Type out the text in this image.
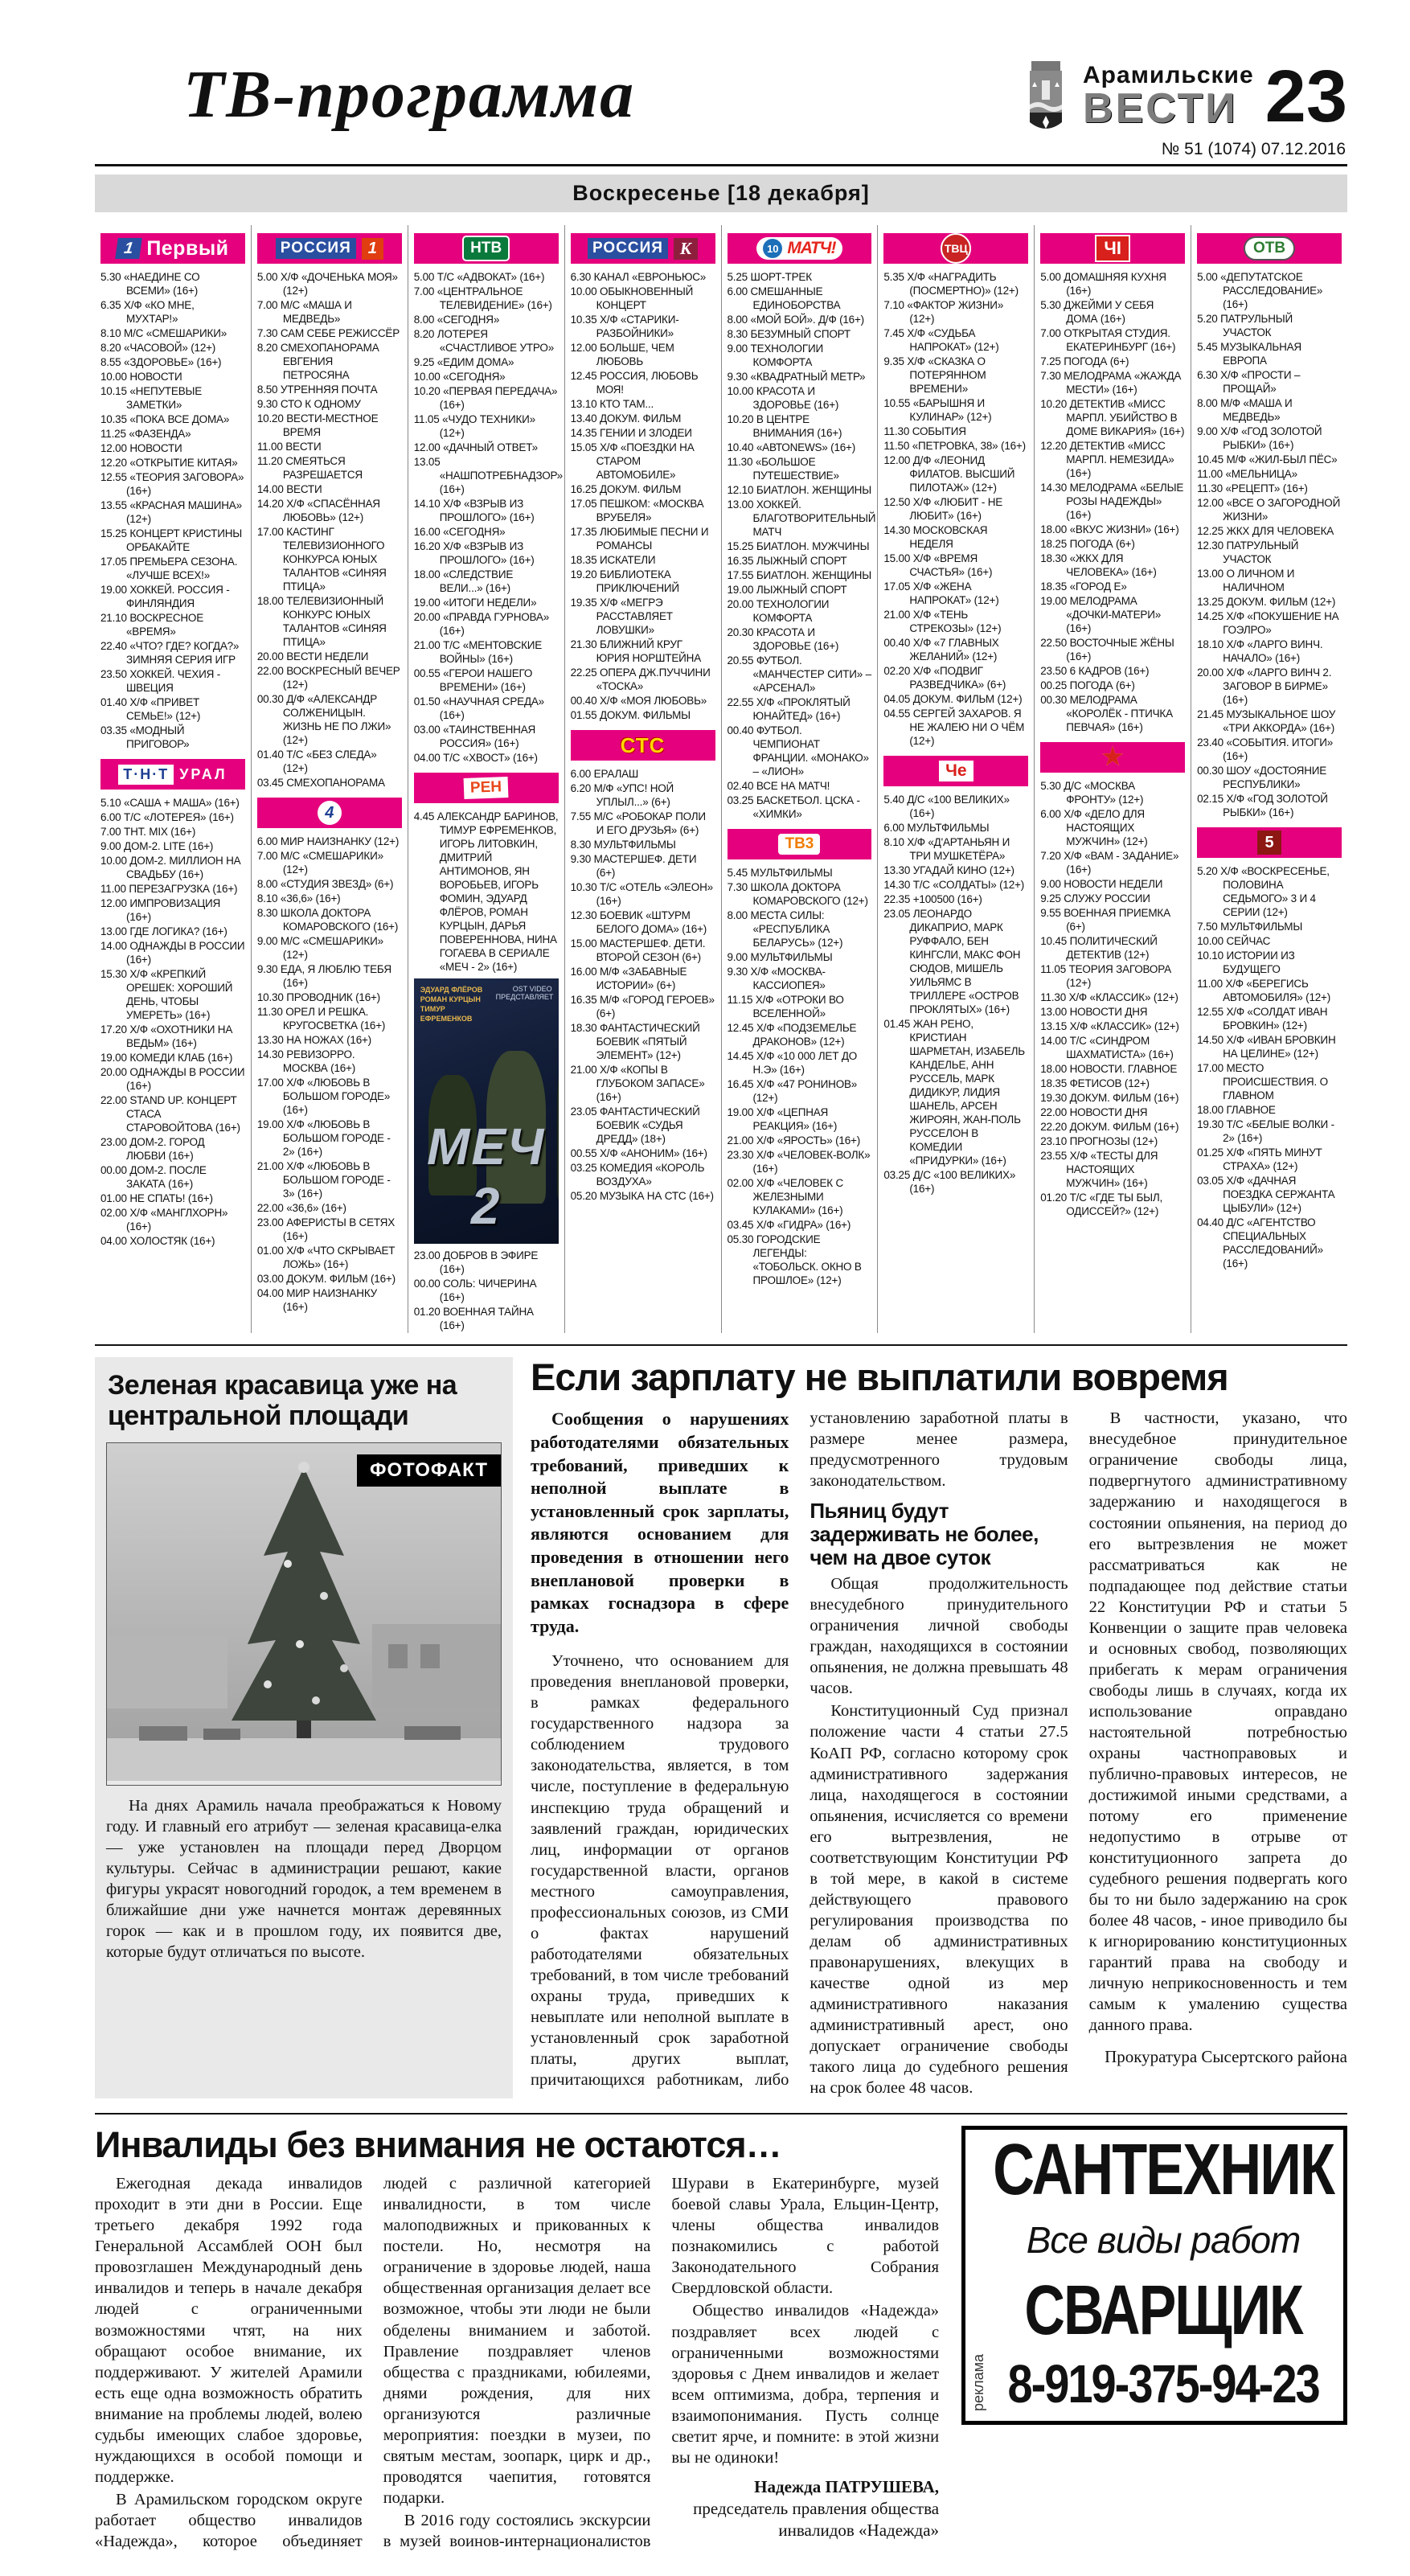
ТВ-программа	Арамильские
ВЕСТИ 23
№ 51 (1074) 07.12.2016
Воскресенье [18 декабря]
1 Первый
5.30 «НАЕДИНЕ СО ВСЕМИ» (16+)
6.35 Х/Ф «КО МНЕ, МУХТАР!»
8.10 М/С «СМЕШАРИКИ»
8.20 «ЧАСОВОЙ» (12+)
8.55 «ЗДОРОВЬЕ» (16+)
10.00 НОВОСТИ
10.15 «НЕПУТЕВЫЕ ЗАМЕТКИ»
10.35 «ПОКА ВСЕ ДОМА»
11.25 «ФАЗЕНДА»
12.00 НОВОСТИ
12.20 «ОТКРЫТИЕ КИТАЯ»
12.55 «ТЕОРИЯ ЗАГОВОРА» (16+)
13.55 «КРАСНАЯ МАШИНА» (12+)
15.25 КОНЦЕРТ КРИСТИНЫ ОРБАКАЙТЕ
17.05 ПРЕМЬЕРА СЕЗОНА. «ЛУЧШЕ ВСЕХ!»
19.00 ХОККЕЙ. РОССИЯ - ФИНЛЯНДИЯ
21.10 ВОСКРЕСНОЕ «ВРЕМЯ»
22.40 «ЧТО? ГДЕ? КОГДА?» ЗИМНЯЯ СЕРИЯ ИГР
23.50 ХОККЕЙ. ЧЕХИЯ - ШВЕЦИЯ
01.40 Х/Ф «ПРИВЕТ СЕМЬЕ!» (12+)
03.35 «МОДНЫЙ ПРИГОВОР»
Т·Н·Т УРАЛ
5.10 «САША + МАША» (16+)
6.00 Т/С «ЛОТЕРЕЯ» (16+)
7.00 ТНТ. MIX (16+)
9.00 ДОМ-2. LITE (16+)
10.00 ДОМ-2. МИЛЛИОН НА СВАДЬБУ (16+)
11.00 ПЕРЕЗАГРУЗКА (16+)
12.00 ИМПРОВИЗАЦИЯ (16+)
13.00 ГДЕ ЛОГИКА? (16+)
14.00 ОДНАЖДЫ В РОССИИ (16+)
15.30 Х/Ф «КРЕПКИЙ ОРЕШЕК: ХОРОШИЙ ДЕНЬ, ЧТОБЫ УМЕРЕТЬ» (16+)
17.20 Х/Ф «ОХОТНИКИ НА ВЕДЬМ» (16+)
19.00 КОМЕДИ КЛАБ (16+)
20.00 ОДНАЖДЫ В РОССИИ (16+)
22.00 STAND UP. КОНЦЕРТ СТАСА СТАРОВОЙТОВА (16+)
23.00 ДОМ-2. ГОРОД ЛЮБВИ (16+)
00.00 ДОМ-2. ПОСЛЕ ЗАКАТА (16+)
01.00 НЕ СПАТЬ! (16+)
02.00 Х/Ф «МАНГЛХОРН» (16+)
04.00 ХОЛОСТЯК (16+)
РОССИЯ	1
5.00 Х/Ф «ДОЧЕНЬКА МОЯ» (12+)
7.00 М/С «МАША И МЕДВЕДЬ»
7.30 САМ СЕБЕ РЕЖИССЁР
8.20 СМЕХОПАНОРАМА ЕВГЕНИЯ ПЕТРОСЯНА
8.50 УТРЕННЯЯ ПОЧТА
9.30 СТО К ОДНОМУ
10.20 ВЕСТИ-МЕСТНОЕ ВРЕМЯ
11.00 ВЕСТИ
11.20 СМЕЯТЬСЯ РАЗРЕШАЕТСЯ
14.00 ВЕСТИ
14.20 Х/Ф «СПАСЁННАЯ ЛЮБОВЬ» (12+)
17.00 КАСТИНГ ТЕЛЕВИЗИОННОГО КОНКУРСА ЮНЫХ ТАЛАНТОВ «СИНЯЯ ПТИЦА»
18.00 ТЕЛЕВИЗИОННЫЙ КОНКУРС ЮНЫХ ТАЛАНТОВ «СИНЯЯ ПТИЦА»
20.00 ВЕСТИ НЕДЕЛИ
22.00 ВОСКРЕСНЫЙ ВЕЧЕР (12+)
00.30 Д/Ф «АЛЕКСАНДР СОЛЖЕНИЦЫН. ЖИЗНЬ НЕ ПО ЛЖИ» (12+)
01.40 Т/С «БЕЗ СЛЕДА» (12+)
03.45 СМЕХОПАНОРАМА
4
6.00 МИР НАИЗНАНКУ (12+)
7.00 М/С «СМЕШАРИКИ» (12+)
8.00 «СТУДИЯ ЗВЕЗД» (6+)
8.10 «36,6» (16+)
8.30 ШКОЛА ДОКТОРА КОМАРОВСКОГО (16+)
9.00 М/С «СМЕШАРИКИ» (12+)
9.30 ЕДА, Я ЛЮБЛЮ ТЕБЯ (16+)
10.30 ПРОВОДНИК (16+)
11.30 ОРЕЛ И РЕШКА. КРУГОСВЕТКА (16+)
13.30 НА НОЖАХ (16+)
14.30 РЕВИЗОРРО. МОСКВА (16+)
17.00 Х/Ф «ЛЮБОВЬ В БОЛЬШОМ ГОРОДЕ» (16+)
19.00 Х/Ф «ЛЮБОВЬ В БОЛЬШОМ ГОРОДЕ - 2» (16+)
21.00 Х/Ф «ЛЮБОВЬ В БОЛЬШОМ ГОРОДЕ - 3» (16+)
22.00 «36,6» (16+)
23.00 АФЕРИСТЫ В СЕТЯХ (16+)
01.00 Х/Ф «ЧТО СКРЫВАЕТ ЛОЖЬ» (16+)
03.00 ДОКУМ. ФИЛЬМ (16+)
04.00 МИР НАИЗНАНКУ (16+)
НТВ
5.00 Т/С «АДВОКАТ» (16+)
7.00 «ЦЕНТРАЛЬНОЕ ТЕЛЕВИДЕНИЕ» (16+)
8.00 «СЕГОДНЯ»
8.20 ЛОТЕРЕЯ «СЧАСТЛИВОЕ УТРО»
9.25 «ЕДИМ ДОМА»
10.00 «СЕГОДНЯ»
10.20 «ПЕРВАЯ ПЕРЕДАЧА» (16+)
11.05 «ЧУДО ТЕХНИКИ» (12+)
12.00 «ДАЧНЫЙ ОТВЕТ»
13.05 «НАШПОТРЕБНАДЗОР» (16+)
14.10 Х/Ф «ВЗРЫВ ИЗ ПРОШЛОГО» (16+)
16.00 «СЕГОДНЯ»
16.20 Х/Ф «ВЗРЫВ ИЗ ПРОШЛОГО» (16+)
18.00 «СЛЕДСТВИЕ ВЕЛИ...» (16+)
19.00 «ИТОГИ НЕДЕЛИ»
20.00 «ПРАВДА ГУРНОВА» (16+)
21.00 Т/С «МЕНТОВСКИЕ ВОЙНЫ» (16+)
00.55 «ГЕРОИ НАШЕГО ВРЕМЕНИ» (16+)
01.50 «НАУЧНАЯ СРЕДА» (16+)
03.00 «ТАИНСТВЕННАЯ РОССИЯ» (16+)
04.00 Т/С «ХВОСТ» (16+)
РЕН
4.45 АЛЕКСАНДР БАРИНОВ, ТИМУР ЕФРЕМЕНКОВ, ИГОРЬ ЛИТОВКИН, ДМИТРИЙ АНТИМОНОВ, ЯН ВОРОБЬЕВ, ИГОРЬ ФОМИН, ЭДУАРД ФЛЁРОВ, РОМАН КУРЦЫН, ДАРЬЯ ПОВЕРЕННОВА, НИНА ГОГАЕВА В СЕРИАЛЕ «МЕЧ - 2» (16+)
ЭДУАРД ФЛЁРОВ РОМАН КУРЦЫН ТИМУР ЕФРЕМЕНКОВ
OST VIDEO ПРЕДСТАВЛЯЕТ
МЕЧ 2
23.00 ДОБРОВ В ЭФИРЕ (16+)
00.00 СОЛЬ: ЧИЧЕРИНА (16+)
01.20 ВОЕННАЯ ТАЙНА (16+)
РОССИЯ	К
6.30 КАНАЛ «ЕВРОНЬЮС»
10.00 ОБЫКНОВЕННЫЙ КОНЦЕРТ
10.35 Х/Ф «СТАРИКИ-РАЗБОЙНИКИ»
12.00 БОЛЬШЕ, ЧЕМ ЛЮБОВЬ
12.45 РОССИЯ, ЛЮБОВЬ МОЯ!
13.10 КТО ТАМ...
13.40 ДОКУМ. ФИЛЬМ
14.35 ГЕНИИ И ЗЛОДЕИ
15.05 Х/Ф «ПОЕЗДКИ НА СТАРОМ АВТОМОБИЛЕ»
16.25 ДОКУМ. ФИЛЬМ
17.05 ПЕШКОМ: «МОСКВА ВРУБЕЛЯ»
17.35 ЛЮБИМЫЕ ПЕСНИ И РОМАНСЫ
18.35 ИСКАТЕЛИ
19.20 БИБЛИОТЕКА ПРИКЛЮЧЕНИЙ
19.35 Х/Ф «МЕГРЭ РАССТАВЛЯЕТ ЛОВУШКИ»
21.30 БЛИЖНИЙ КРУГ ЮРИЯ НОРШТЕЙНА
22.25 ОПЕРА ДЖ.ПУЧЧИНИ «ТОСКА»
00.40 Х/Ф «МОЯ ЛЮБОВЬ»
01.55 ДОКУМ. ФИЛЬМЫ
СТС
6.00 ЕРАЛАШ
6.20 М/Ф «УПС! НОЙ УПЛЫЛ...» (6+)
7.55 М/С «РОБОКАР ПОЛИ И ЕГО ДРУЗЬЯ» (6+)
8.30 МУЛЬТФИЛЬМЫ
9.30 МАСТЕРШЕФ. ДЕТИ (6+)
10.30 Т/С «ОТЕЛЬ «ЭЛЕОН» (16+)
12.30 БОЕВИК «ШТУРМ БЕЛОГО ДОМА» (16+)
15.00 МАСТЕРШЕФ. ДЕТИ. ВТОРОЙ СЕЗОН (6+)
16.00 М/Ф «ЗАБАВНЫЕ ИСТОРИИ» (6+)
16.35 М/Ф «ГОРОД ГЕРОЕВ» (6+)
18.30 ФАНТАСТИЧЕСКИЙ БОЕВИК «ПЯТЫЙ ЭЛЕМЕНТ» (12+)
21.00 Х/Ф «КОПЫ В ГЛУБОКОМ ЗАПАСЕ» (16+)
23.05 ФАНТАСТИЧЕСКИЙ БОЕВИК «СУДЬЯ ДРЕДД» (18+)
00.55 Х/Ф «АНОНИМ» (16+)
03.25 КОМЕДИЯ «КОРОЛЬ ВОЗДУХА»
05.20 МУЗЫКА НА СТС (16+)
10 МАТЧ!
5.25 ШОРТ-ТРЕК
6.00 СМЕШАННЫЕ ЕДИНОБОРСТВА
8.00 «МОЙ БОЙ». Д/Ф (16+)
8.30 БЕЗУМНЫЙ СПОРТ
9.00 ТЕХНОЛОГИИ КОМФОРТА
9.30 «КВАДРАТНЫЙ МЕТР»
10.00 КРАСОТА И ЗДОРОВЬЕ (16+)
10.20 В ЦЕНТРЕ ВНИМАНИЯ (16+)
10.40 «АВТОNEWS» (16+)
11.30 «БОЛЬШОЕ ПУТЕШЕСТВИЕ»
12.10 БИАТЛОН. ЖЕНЩИНЫ
13.00 ХОККЕЙ. БЛАГОТВОРИТЕЛЬНЫЙ МАТЧ
15.25 БИАТЛОН. МУЖЧИНЫ
16.35 ЛЫЖНЫЙ СПОРТ
17.55 БИАТЛОН. ЖЕНЩИНЫ
19.00 ЛЫЖНЫЙ СПОРТ
20.00 ТЕХНОЛОГИИ КОМФОРТА
20.30 КРАСОТА И ЗДОРОВЬЕ (16+)
20.55 ФУТБОЛ. «МАНЧЕСТЕР СИТИ» – «АРСЕНАЛ»
22.55 Х/Ф «ПРОКЛЯТЫЙ ЮНАЙТЕД» (16+)
00.40 ФУТБОЛ. ЧЕМПИОНАТ ФРАНЦИИ. «МОНАКО» – «ЛИОН»
02.40 ВСЕ НА МАТЧ!
03.25 БАСКЕТБОЛ. ЦСКА - «ХИМКИ»
ТВ3
5.45 МУЛЬТФИЛЬМЫ
7.30 ШКОЛА ДОКТОРА КОМАРОВСКОГО (12+)
8.00 МЕСТА СИЛЫ: «РЕСПУБЛИКА БЕЛАРУСЬ» (12+)
9.00 МУЛЬТФИЛЬМЫ
9.30 Х/Ф «МОСКВА-КАССИОПЕЯ»
11.15 Х/Ф «ОТРОКИ ВО ВСЕЛЕННОЙ»
12.45 Х/Ф «ПОДЗЕМЕЛЬЕ ДРАКОНОВ» (12+)
14.45 Х/Ф «10 000 ЛЕТ ДО Н.Э» (16+)
16.45 Х/Ф «47 РОНИНОВ» (12+)
19.00 Х/Ф «ЦЕПНАЯ РЕАКЦИЯ» (16+)
21.00 Х/Ф «ЯРОСТЬ» (16+)
23.30 Х/Ф «ЧЕЛОВЕК-ВОЛК» (16+)
02.00 Х/Ф «ЧЕЛОВЕК С ЖЕЛЕЗНЫМИ КУЛАКАМИ» (16+)
03.45 Х/Ф «ГИДРА» (16+)
05.30 ГОРОДСКИЕ ЛЕГЕНДЫ: «ТОБОЛЬСК. ОКНО В ПРОШЛОЕ» (12+)
ТВЦ
5.35 Х/Ф «НАГРАДИТЬ (ПОСМЕРТНО)» (12+)
7.10 «ФАКТОР ЖИЗНИ» (12+)
7.45 Х/Ф «СУДЬБА НАПРОКАТ» (12+)
9.35 Х/Ф «СКАЗКА О ПОТЕРЯННОМ ВРЕМЕНИ»
10.55 «БАРЫШНЯ И КУЛИНАР» (12+)
11.30 СОБЫТИЯ
11.50 «ПЕТРОВКА, 38» (16+)
12.00 Д/Ф «ЛЕОНИД ФИЛАТОВ. ВЫСШИЙ ПИЛОТАЖ» (12+)
12.50 Х/Ф «ЛЮБИТ - НЕ ЛЮБИТ» (16+)
14.30 МОСКОВСКАЯ НЕДЕЛЯ
15.00 Х/Ф «ВРЕМЯ СЧАСТЬЯ» (16+)
17.05 Х/Ф «ЖЕНА НАПРОКАТ» (12+)
21.00 Х/Ф «ТЕНЬ СТРЕКОЗЫ» (12+)
00.40 Х/Ф «7 ГЛАВНЫХ ЖЕЛАНИЙ» (12+)
02.20 Х/Ф «ПОДВИГ РАЗВЕДЧИКА» (6+)
04.05 ДОКУМ. ФИЛЬМ (12+)
04.55 СЕРГЕЙ ЗАХАРОВ. Я НЕ ЖАЛЕЮ НИ О ЧЁМ (12+)
Че
5.40 Д/С «100 ВЕЛИКИХ» (16+)
6.00 МУЛЬТФИЛЬМЫ
8.10 Х/Ф «Д'АРТАНЬЯН И ТРИ МУШКЕТЁРА»
13.30 УГАДАЙ КИНО (12+)
14.30 Т/С «СОЛДАТЫ» (12+)
22.35 +100500 (16+)
23.05 ЛЕОНАРДО ДИКАПРИО, МАРК РУФФАЛО, БЕН КИНГСЛИ, МАКС ФОН СЮДОВ, МИШЕЛЬ УИЛЬЯМС В ТРИЛЛЕРЕ «ОСТРОВ ПРОКЛЯТЫХ» (16+)
01.45 ЖАН РЕНО, КРИСТИАН ШАРМЕТАН, ИЗАБЕЛЬ КАНДЕЛЬЕ, АНН РУССЕЛЬ, МАРК ДИДИКУР, ЛИДИЯ ШАНЕЛЬ, АРСЕН ЖИРОЯН, ЖАН-ПОЛЬ РУССЕЛОН В КОМЕДИИ «ПРИДУРКИ» (16+)
03.25 Д/С «100 ВЕЛИКИХ» (16+)
ЧI
5.00 ДОМАШНЯЯ КУХНЯ (16+)
5.30 ДЖЕЙМИ У СЕБЯ ДОМА (16+)
7.00 ОТКРЫТАЯ СТУДИЯ. ЕКАТЕРИНБУРГ (16+)
7.25 ПОГОДА (6+)
7.30 МЕЛОДРАМА «ЖАЖДА МЕСТИ» (16+)
10.20 ДЕТЕКТИВ «МИСС МАРПЛ. УБИЙСТВО В ДОМЕ ВИКАРИЯ» (16+)
12.20 ДЕТЕКТИВ «МИСС МАРПЛ. НЕМЕЗИДА» (16+)
14.30 МЕЛОДРАМА «БЕЛЫЕ РОЗЫ НАДЕЖДЫ» (16+)
18.00 «ВКУС ЖИЗНИ» (16+)
18.25 ПОГОДА (6+)
18.30 «ЖКХ ДЛЯ ЧЕЛОВЕКА» (16+)
18.35 «ГОРОД Е»
19.00 МЕЛОДРАМА «ДОЧКИ-МАТЕРИ» (16+)
22.50 ВОСТОЧНЫЕ ЖЁНЫ (16+)
23.50 6 КАДРОВ (16+)
00.25 ПОГОДА (6+)
00.30 МЕЛОДРАМА «КОРОЛЁК - ПТИЧКА ПЕВЧАЯ» (16+)
★
5.30 Д/С «МОСКВА ФРОНТУ» (12+)
6.00 Х/Ф «ДЕЛО ДЛЯ НАСТОЯЩИХ МУЖЧИН» (12+)
7.20 Х/Ф «ВАМ - ЗАДАНИЕ» (16+)
9.00 НОВОСТИ НЕДЕЛИ
9.25 СЛУЖУ РОССИИ
9.55 ВОЕННАЯ ПРИЕМКА (6+)
10.45 ПОЛИТИЧЕСКИЙ ДЕТЕКТИВ (12+)
11.05 ТЕОРИЯ ЗАГОВОРА (12+)
11.30 Х/Ф «КЛАССИК» (12+)
13.00 НОВОСТИ ДНЯ
13.15 Х/Ф «КЛАССИК» (12+)
14.00 Т/С «СИНДРОМ ШАХМАТИСТА» (16+)
18.00 НОВОСТИ. ГЛАВНОЕ
18.35 ФЕТИСОВ (12+)
19.30 ДОКУМ. ФИЛЬМ (16+)
22.00 НОВОСТИ ДНЯ
22.20 ДОКУМ. ФИЛЬМ (16+)
23.10 ПРОГНОЗЫ (12+)
23.55 Х/Ф «ТЕСТЫ ДЛЯ НАСТОЯЩИХ МУЖЧИН» (16+)
01.20 Т/С «ГДЕ ТЫ БЫЛ, ОДИССЕЙ?» (12+)
ОТВ
5.00 «ДЕПУТАТСКОЕ РАССЛЕДОВАНИЕ» (16+)
5.20 ПАТРУЛЬНЫЙ УЧАСТОК
5.45 МУЗЫКАЛЬНАЯ ЕВРОПА
6.30 Х/Ф «ПРОСТИ – ПРОЩАЙ»
8.00 М/Ф «МАША И МЕДВЕДЬ»
9.00 Х/Ф «ГОД ЗОЛОТОЙ РЫБКИ» (16+)
10.45 М/Ф «ЖИЛ-БЫЛ ПЁС»
11.00 «МЕЛЬНИЦА»
11.30 «РЕЦЕПТ» (16+)
12.00 «ВСЕ О ЗАГОРОДНОЙ ЖИЗНИ»
12.25 ЖКХ ДЛЯ ЧЕЛОВЕКА
12.30 ПАТРУЛЬНЫЙ УЧАСТОК
13.00 О ЛИЧНОМ И НАЛИЧНОМ
13.25 ДОКУМ. ФИЛЬМ (12+)
14.25 Х/Ф «ПОКУШЕНИЕ НА ГОЭЛРО»
18.10 Х/Ф «ЛАРГО ВИНЧ. НАЧАЛО» (16+)
20.00 Х/Ф «ЛАРГО ВИНЧ 2. ЗАГОВОР В БИРМЕ» (16+)
21.45 МУЗЫКАЛЬНОЕ ШОУ «ТРИ АККОРДА» (16+)
23.40 «СОБЫТИЯ. ИТОГИ» (16+)
00.30 ШОУ «ДОСТОЯНИЕ РЕСПУБЛИКИ»
02.15 Х/Ф «ГОД ЗОЛОТОЙ РЫБКИ» (16+)
5
5.20 Х/Ф «ВОСКРЕСЕНЬЕ, ПОЛОВИНА СЕДЬМОГО» 3 И 4 СЕРИИ (12+)
7.50 МУЛЬТФИЛЬМЫ
10.00 СЕЙЧАС
10.10 ИСТОРИИ ИЗ БУДУЩЕГО
11.00 Х/Ф «БЕРЕГИСЬ АВТОМОБИЛЯ» (12+)
12.55 Х/Ф «СОЛДАТ ИВАН БРОВКИН» (12+)
14.50 Х/Ф «ИВАН БРОВКИН НА ЦЕЛИНЕ» (12+)
17.00 МЕСТО ПРОИСШЕСТВИЯ. О ГЛАВНОМ
18.00 ГЛАВНОЕ
19.30 Т/С «БЕЛЫЕ ВОЛКИ - 2» (16+)
01.25 Х/Ф «ПЯТЬ МИНУТ СТРАХА» (12+)
03.05 Х/Ф «ДАЧНАЯ ПОЕЗДКА СЕРЖАНТА ЦЫБУЛИ» (12+)
04.40 Д/С «АГЕНТСТВО СПЕЦИАЛЬНЫХ РАССЛЕДОВАНИЙ» (16+)
Зеленая красавица уже на центральной площади
ФОТОФАКТ

На днях Арамиль начала преображаться к Новому году. И главный его атрибут — зеленая красавица-елка — уже установлен на площади перед Дворцом культуры. Сейчас в администрации решают, какие фигуры украсят новогодний городок, а тем временем в ближайшие дни уже начнется монтаж деревянных горок — как и в прошлом году, их появится две, которые будут отличаться по высоте.

Если зарплату не выплатили вовремя

Сообщения о нарушениях работодателями обязательных требований, приведших к неполной выплате в установленный срок зарплаты, являются основанием для проведения в отношении него внеплановой проверки в рамках госнадзора в сфере труда.

Уточнено, что основанием для проведения внеплановой проверки, в рамках федерального государственного надзора за соблюдением трудового законодательства, является, в том числе, поступление в федеральную инспекцию труда обращений и заявлений граждан, юридических лиц, информации от органов государственной власти, органов местного самоуправления, профессиональных союзов, из СМИ о фактах нарушений работодателями обязательных требований, в том числе требований охраны труда, приведших к невыплате или неполной выплате в установленный срок заработной платы, других выплат, причитающихся работникам, либо установлению заработной платы в размере менее размера, предусмотренного трудовым законодательством.

Пьяниц будут задерживать не более, чем на двое суток

Общая продолжительность внесудебного принудительного ограничения личной свободы граждан, находящихся в состоянии опьянения, не должна превышать 48 часов.

Конституционный Суд признал положение части 4 статьи 27.5 КоАП РФ, согласно которому срок административного задержания лица, находящегося в состоянии опьянения, исчисляется со времени его вытрезвления, не соответствующим Конституции РФ в той мере, в какой в системе действующего правового регулирования производства по делам об административных правонарушениях, влекущих в качестве одной из мер административного наказания административный арест, оно допускает ограничение свободы такого лица до судебного решения на срок более 48 часов.

В частности, указано, что внесудебное принудительное ограничение свободы лица, подвергнутого административному задержанию и находящегося в состоянии опьянения, на период до его вытрезвления не может рассматриваться как не подпадающее под действие статьи 22 Конституции РФ и статьи 5 Конвенции о защите прав человека и основных свобод, позволяющих прибегать к мерам ограничения свободы лишь в случаях, когда их использование оправдано настоятельной потребностью охраны частноправовых и публично-правовых интересов, не достижимой иными средствами, а потому его применение недопустимо в отрыве от конституционного запрета до судебного решения подвергать кого бы то ни было задержанию на срок более 48 часов, - иное приводило бы к игнорированию конституционных гарантий права на свободу и личную неприкосновенность и тем самым к умалению существа данного права.

Прокуратура Сысертского района

Инвалиды без внимания не остаются…

Ежегодная декада инвалидов проходит в эти дни в России. Еще третьего декабря 1992 года Генеральной Ассамблей ООН был провозглашен Международный день инвалидов и теперь в начале декабря людей с ограниченными возможностями чтят, на них обращают особое внимание, их поддерживают. У жителей Арамили есть еще одна возможность обратить внимание на проблемы людей, волею судьбы имеющих слабое здоровье, нуждающихся в особой помощи и поддержке.

В Арамильском городском округе работает общество инвалидов «Надежда», которое объединяет людей с различной категорией инвалидности, в том числе малоподвижных и прикованных к постели. Но, несмотря на ограничение в здоровье людей, наша общественная организация делает все возможное, чтобы эти люди не были обделены вниманием и заботой. Правление поздравляет членов общества с праздниками, юбилеями, днями рождения, для них организуются различные мероприятия: поездки в музеи, по святым местам, зоопарк, цирк и др., проводятся чаепития, готовятся подарки.

В 2016 году состоялись экскурсии в музей воинов-интернационалистов Шурави в Екатеринбурге, музей боевой славы Урала, Ельцин-Центр, члены общества инвалидов познакомились с работой Законодательного Собрания Свердловской области.

Общество инвалидов «Надежда» поздравляет всех людей с ограниченными возможностями здоровья с Днем инвалидов и желает всем оптимизма, добра, терпения и взаимопонимания. Пусть солнце светит ярче, и помните: в этой жизни вы не одиноки!

Надежда ПАТРУШЕВА,
председатель правления общества
инвалидов «Надежда»

САНТЕХНИК
Все виды работ
СВАРЩИК
8-919-375-94-23
реклама
